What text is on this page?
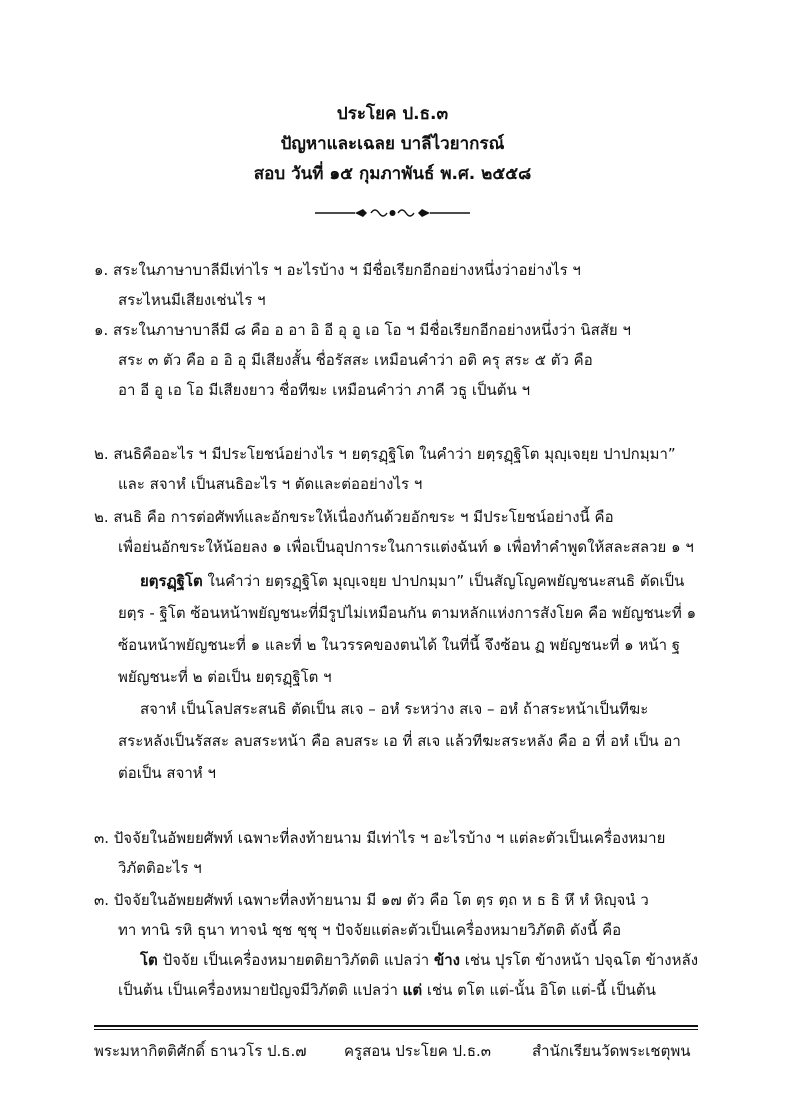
ประโยค ป.ธ.๓
ปัญหาและเฉลย บาลีไวยากรณ์
สอบ วันที่ ๑๕ กุมภาพันธ์ พ.ศ. ๒๕๕๘
๑. สระในภาษาบาลีมีเท่าไร ฯ อะไรบ้าง ฯ มีชื่อเรียกอีกอย่างหนึ่งว่าอย่างไร ฯ
สระไหนมีเสียงเช่นไร ฯ
๑. สระในภาษาบาลีมี ๘ คือ อ อา อิ อี อุ อู เอ โอ ฯ มีชื่อเรียกอีกอย่างหนึ่งว่า นิสสัย ฯ
สระ ๓ ตัว คือ อ อิ อุ มีเสียงสั้น ชื่อรัสสะ เหมือนคำว่า อติ ครุ สระ ๕ ตัว คือ
อา อี อู เอ โอ มีเสียงยาว ชื่อทีฆะ เหมือนคำว่า ภาคี วธู เป็นต้น ฯ
๒. สนธิคืออะไร ฯ มีประโยชน์อย่างไร ฯ ยตฺรฏฺฐิโต ในคำว่า ยตฺรฏฺฐิโต มุญฺเจยฺย ปาปกมฺมา”
และ สจาหํ เป็นสนธิอะไร ฯ ตัดและต่ออย่างไร ฯ
๒. สนธิ คือ การต่อศัพท์และอักขระให้เนื่องกันด้วยอักขระ ฯ มีประโยชน์อย่างนี้ คือ
เพื่อย่นอักขระให้น้อยลง ๑ เพื่อเป็นอุปการะในการแต่งฉันท์ ๑ เพื่อทำคำพูดให้สละสลวย ๑ ฯ
ยตฺรฏฺฐิโต ในคำว่า ยตฺรฏฺฐิโต มุญฺเจยฺย ปาปกมฺมา” เป็นสัญโญคพยัญชนะสนธิ ตัดเป็น
ยตฺร - ฐิโต ซ้อนหน้าพยัญชนะที่มีรูปไม่เหมือนกัน ตามหลักแห่งการสังโยค คือ พยัญชนะที่ ๑
ซ้อนหน้าพยัญชนะที่ ๑ และที่ ๒ ในวรรคของตนได้ ในที่นี้ จึงซ้อน ฏ พยัญชนะที่ ๑ หน้า ฐ
พยัญชนะที่ ๒ ต่อเป็น ยตฺรฏฺฐิโต ฯ
สจาหํ เป็นโลปสระสนธิ ตัดเป็น สเจ – อหํ ระหว่าง สเจ – อหํ ถ้าสระหน้าเป็นทีฆะ
สระหลังเป็นรัสสะ ลบสระหน้า คือ ลบสระ เอ ที่ สเจ แล้วทีฆะสระหลัง คือ อ ที่ อหํ เป็น อา
ต่อเป็น สจาหํ ฯ
๓. ปัจจัยในอัพยยศัพท์ เฉพาะที่ลงท้ายนาม มีเท่าไร ฯ อะไรบ้าง ฯ แต่ละตัวเป็นเครื่องหมาย
วิภัตติอะไร ฯ
๓. ปัจจัยในอัพยยศัพท์ เฉพาะที่ลงท้ายนาม มี ๑๗ ตัว คือ โต ตฺร ตฺถ ห ธ ธิ หึ หํ หิญฺจนํ ว
ทา ทานิ รหิ ธุนา ทาจนํ ชฺช ชฺชุ ฯ ปัจจัยแต่ละตัวเป็นเครื่องหมายวิภัตติ ดังนี้ คือ
โต ปัจจัย เป็นเครื่องหมายตติยาวิภัตติ แปลว่า ข้าง เช่น ปุรโต ข้างหน้า ปจฺฉโต ข้างหลัง
เป็นต้น เป็นเครื่องหมายปัญจมีวิภัตติ แปลว่า แต่ เช่น ตโต แต่-นั้น อิโต แต่-นี้ เป็นต้น
พระมหากิตติศักดิ์ ธานวโร ป.ธ.๗ ครูสอน ประโยค ป.ธ.๓	สำนักเรียนวัดพระเชตุพน
